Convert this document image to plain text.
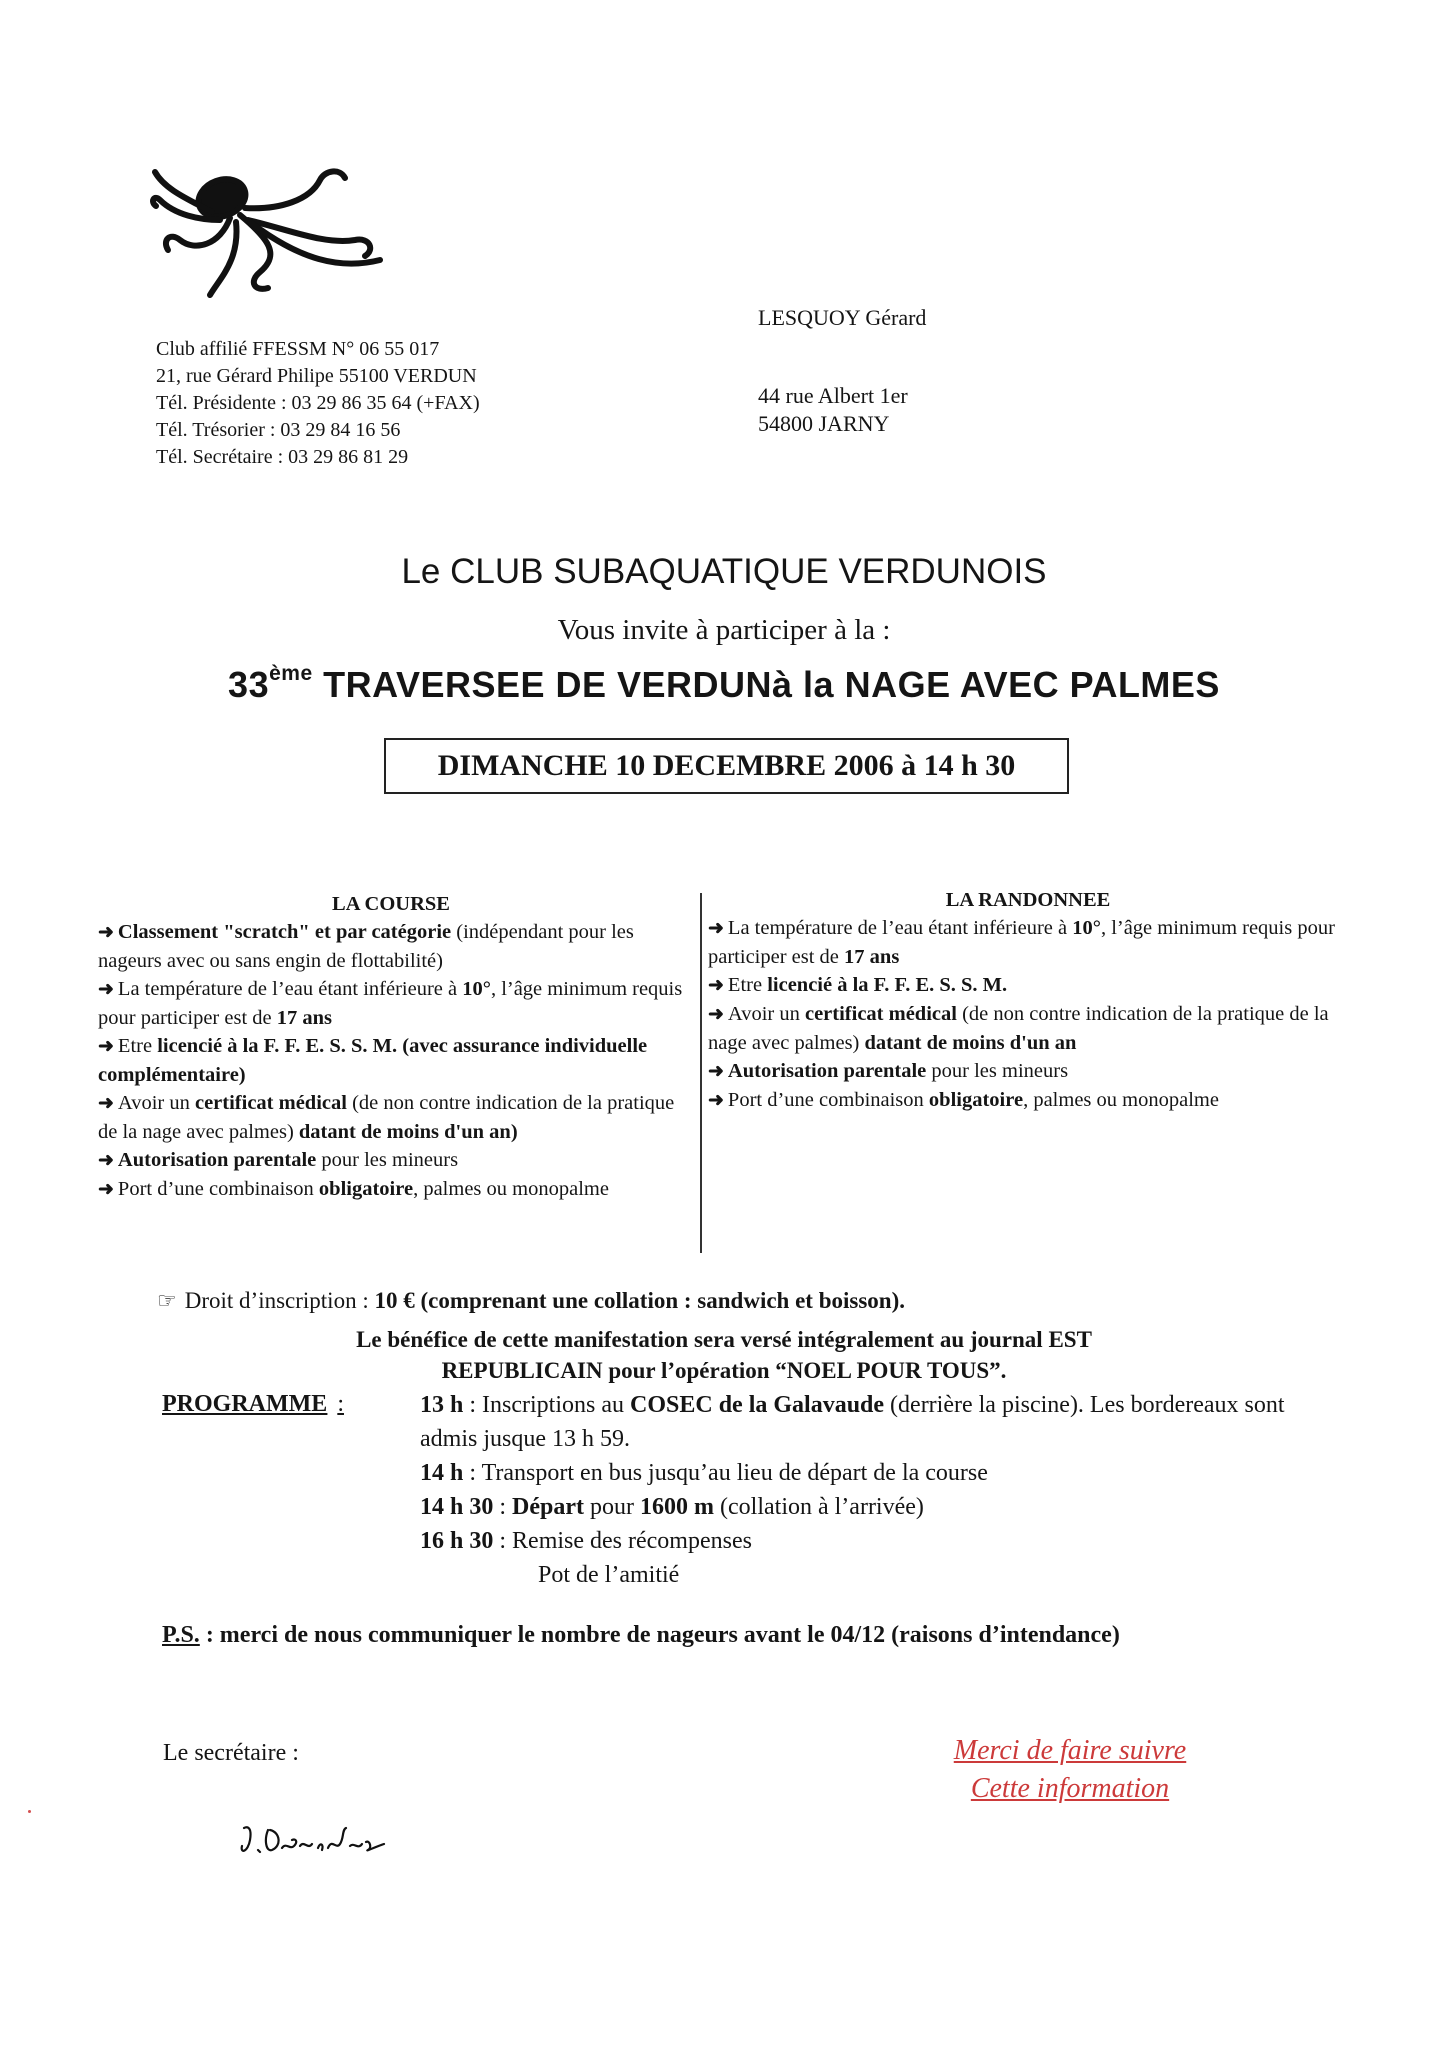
Club affilié FFESSM N° 06 55 017
21, rue Gérard Philipe 55100 VERDUN
Tél. Présidente : 03 29 86 35 64 (+FAX)
Tél. Trésorier : 03 29 84 16 56
Tél. Secrétaire : 03 29 86 81 29
LESQUOY Gérard
44 rue Albert 1er
54800 JARNY
Le CLUB SUBAQUATIQUE VERDUNOIS
Vous invite à participer à la :
33ème TRAVERSEE DE VERDUNà la NAGE AVEC PALMES
DIMANCHE 10 DECEMBRE 2006 à 14 h 30
LA COURSE
➜ Classement "scratch" et par catégorie (indépendant pour les nageurs avec ou sans engin de flottabilité)
➜ La température de l’eau étant inférieure à 10°, l’âge minimum requis pour participer est de 17 ans
➜ Etre licencié à la F. F. E. S. S. M. (avec assurance individuelle complémentaire)
➜ Avoir un certificat médical (de non contre indication de la pratique de la nage avec palmes) datant de moins d'un an)
➜ Autorisation parentale pour les mineurs
➜ Port d’une combinaison obligatoire, palmes ou monopalme
LA RANDONNEE
➜ La température de l’eau étant inférieure à 10°, l’âge minimum requis pour participer est de 17 ans
➜ Etre licencié à la F. F. E. S. S. M.
➜ Avoir un certificat médical (de non contre indication de la pratique de la nage avec palmes) datant de moins d'un an
➜ Autorisation parentale pour les mineurs
➜ Port d’une combinaison obligatoire, palmes ou monopalme
☞ Droit d’inscription : 10 € (comprenant une collation : sandwich et boisson).
Le bénéfice de cette manifestation sera versé intégralement au journal EST
REPUBLICAIN pour l’opération “NOEL POUR TOUS”.
PROGRAMME :	13 h : Inscriptions au COSEC de la Galavaude (derrière la piscine). Les bordereaux sont admis jusque 13 h 59.
14 h : Transport en bus jusqu’au lieu de départ de la course
14 h 30 : Départ pour 1600 m (collation à l’arrivée)
16 h 30 : Remise des récompenses
Pot de l’amitié
P.S. : merci de nous communiquer le nombre de nageurs avant le 04/12 (raisons d’intendance)
Le secrétaire :	Merci de faire suivre
Cette information
